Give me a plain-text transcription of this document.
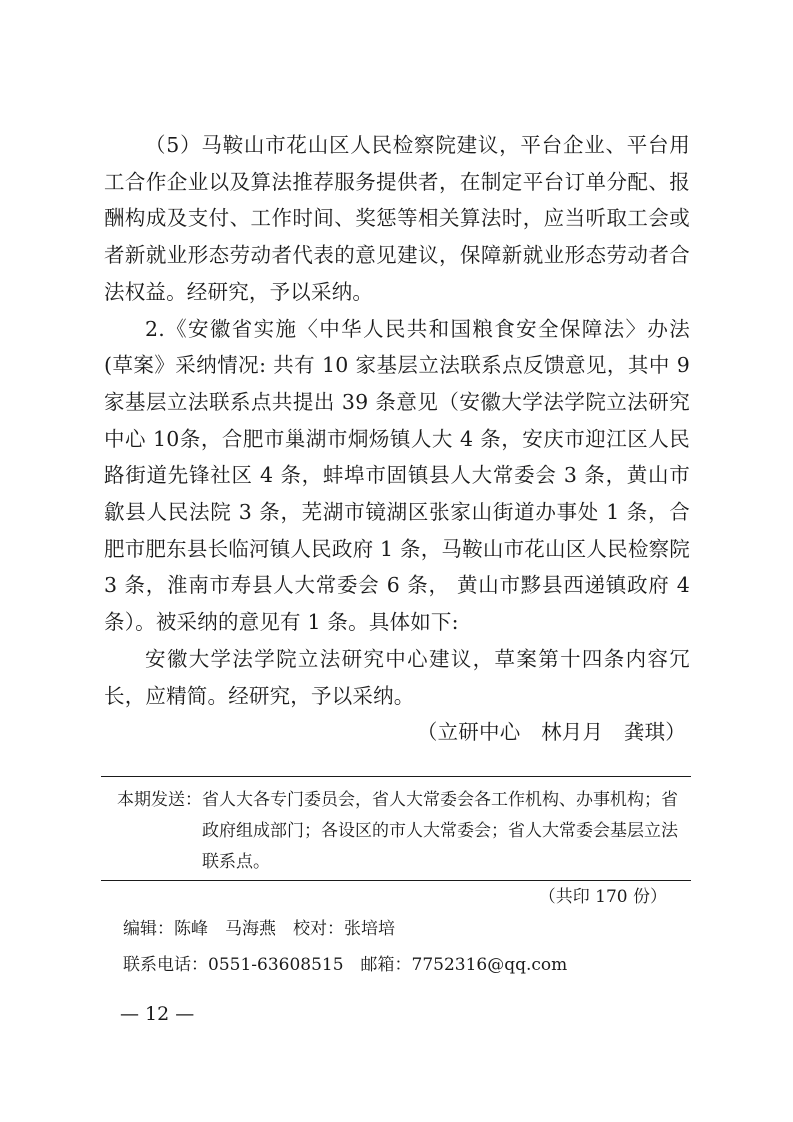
（5）马鞍山市花山区人民检察院建议，平台企业、平台用工合作企业以及算法推荐服务提供者，在制定平台订单分配、报酬构成及支付、工作时间、奖惩等相关算法时，应当听取工会或者新就业形态劳动者代表的意见建议，保障新就业形态劳动者合法权益。经研究，予以采纳。

2.《安徽省实施〈中华人民共和国粮食安全保障法〉办法 (草案》采纳情况: 共有 10 家基层立法联系点反馈意见，其中 9 家基层立法联系点共提出 39 条意见（安徽大学法学院立法研究中心 10条，合肥市巢湖市烔炀镇人大 4 条，安庆市迎江区人民路街道先锋社区 4 条，蚌埠市固镇县人大常委会 3 条，黄山市歙县人民法院 3 条，芜湖市镜湖区张家山街道办事处 1 条，合肥市肥东县长临河镇人民政府 1 条，马鞍山市花山区人民检察院 3 条，淮南市寿县人大常委会 6 条， 黄山市黟县西递镇政府 4 条）。被采纳的意见有 1 条。具体如下:

安徽大学法学院立法研究中心建议，草案第十四条内容冗长，应精简。经研究，予以采纳。

（立研中心　林月月　龚琪）

本期发送： 省人大各专门委员会，省人大常委会各工作机构、办事机构；省政府组成部门；各设区的市人大常委会；省人大常委会基层立法联系点。
（共印 170 份）
编辑：陈峰　马海燕　校对：张培培
联系电话：0551-63608515　邮箱：7752316@qq.com
— 12 —
